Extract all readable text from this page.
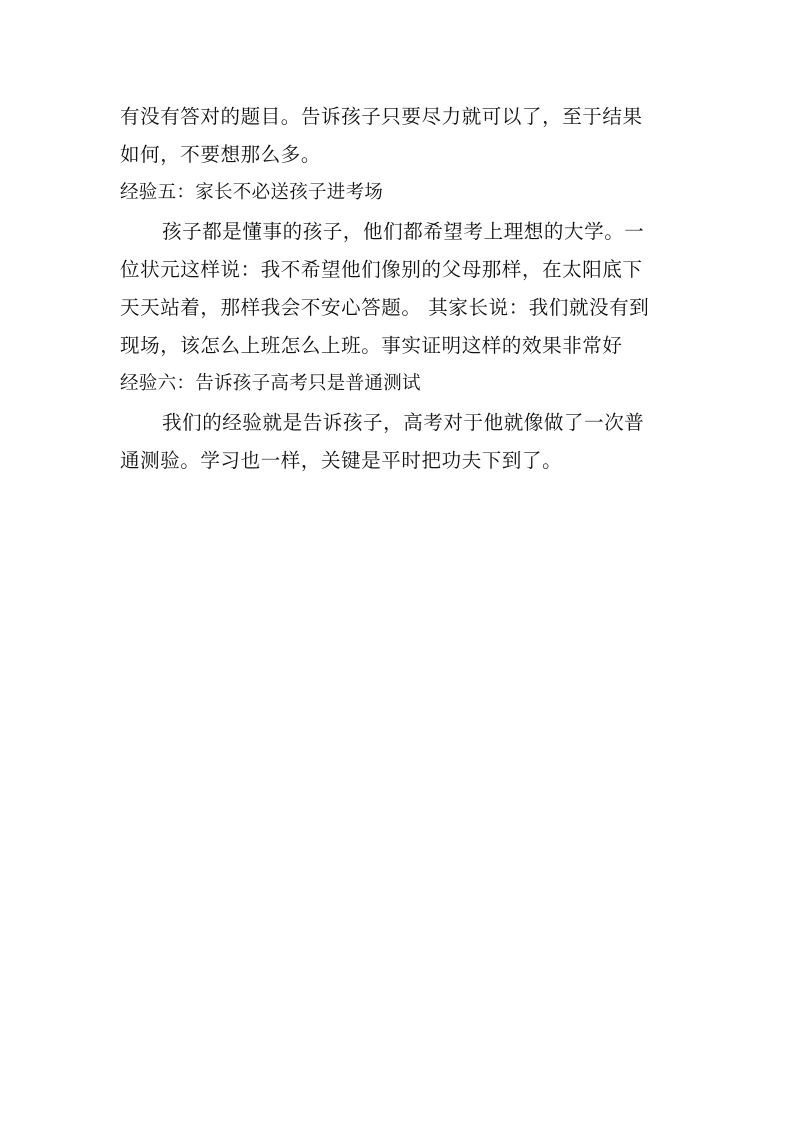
有没有答对的题目。告诉孩子只要尽力就可以了，至于结果

如何，不要想那么多。

经验五：家长不必送孩子进考场

孩子都是懂事的孩子，他们都希望考上理想的大学。一

位状元这样说：我不希望他们像别的父母那样，在太阳底下

天天站着，那样我会不安心答题。 其家长说：我们就没有到

现场，该怎么上班怎么上班。事实证明这样的效果非常好

经验六：告诉孩子高考只是普通测试

我们的经验就是告诉孩子，高考对于他就像做了一次普

通测验。学习也一样，关键是平时把功夫下到了。
